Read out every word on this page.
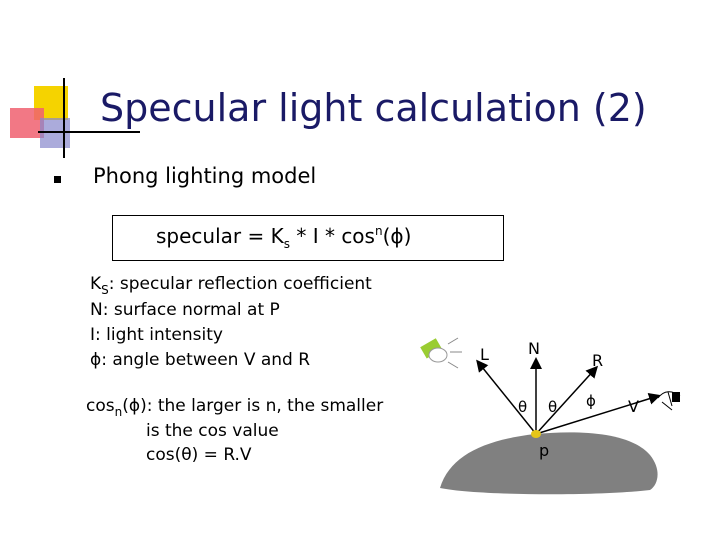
Specular light calculation (2)
Phong lighting model
specular = $K_s$ * I * $\cos^n(\phi)$
$K_S$: specular reflection coefficient
N: surface normal at P
I: light intensity
ϕ: angle between V and R
$\cos_n(\phi)$: the larger is n, the smaller
is the cos value
cos(θ) = R.V
L N
R
V
θ θ ϕ
p
